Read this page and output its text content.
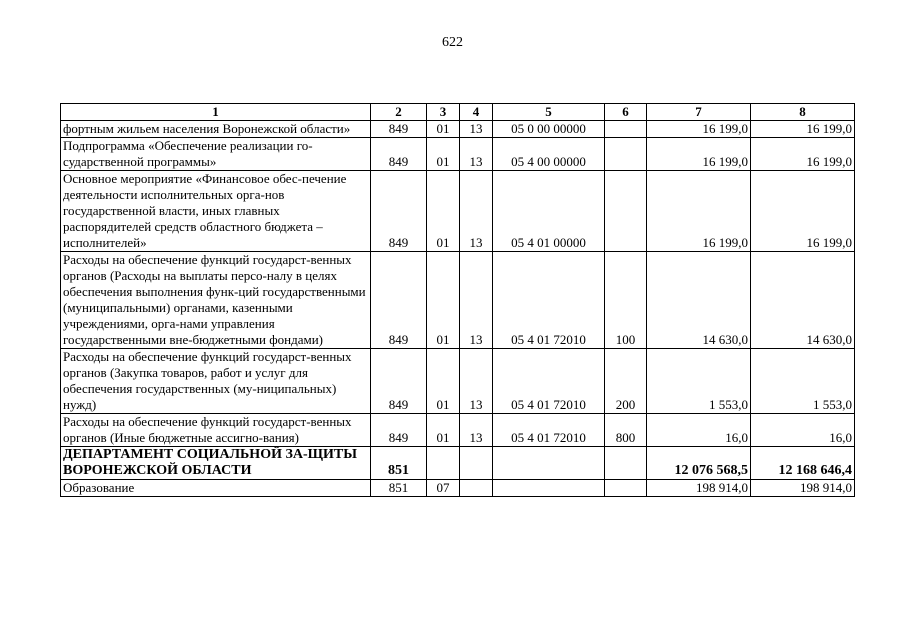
622
1	2	3	4	5	6	7	8
фортным жильем населения Воронежской области»	849	01	13	05 0 00 00000		16 199,0	16 199,0
Подпрограмма «Обеспечение реализации го-сударственной программы»	849	01	13	05 4 00 00000		16 199,0	16 199,0
Основное мероприятие «Финансовое обес-печение деятельности исполнительных орга-нов государственной власти, иных главных распорядителей средств областного бюджета – исполнителей»	849	01	13	05 4 01 00000		16 199,0	16 199,0
Расходы на обеспечение функций государст-венных органов (Расходы на выплаты персо-налу в целях обеспечения выполнения функ-ций государственными (муниципальными) органами, казенными учреждениями, орга-нами управления государственными вне-бюджетными фондами)	849	01	13	05 4 01 72010	100	14 630,0	14 630,0
Расходы на обеспечение функций государст-венных органов (Закупка товаров, работ и услуг для обеспечения государственных (му-ниципальных) нужд)	849	01	13	05 4 01 72010	200	1 553,0	1 553,0
Расходы на обеспечение функций государст-венных органов (Иные бюджетные ассигно-вания)	849	01	13	05 4 01 72010	800	16,0	16,0
ДЕПАРТАМЕНТ СОЦИАЛЬНОЙ ЗА-ЩИТЫ ВОРОНЕЖСКОЙ ОБЛАСТИ	851					12 076 568,5	12 168 646,4
Образование	851	07				198 914,0	198 914,0
